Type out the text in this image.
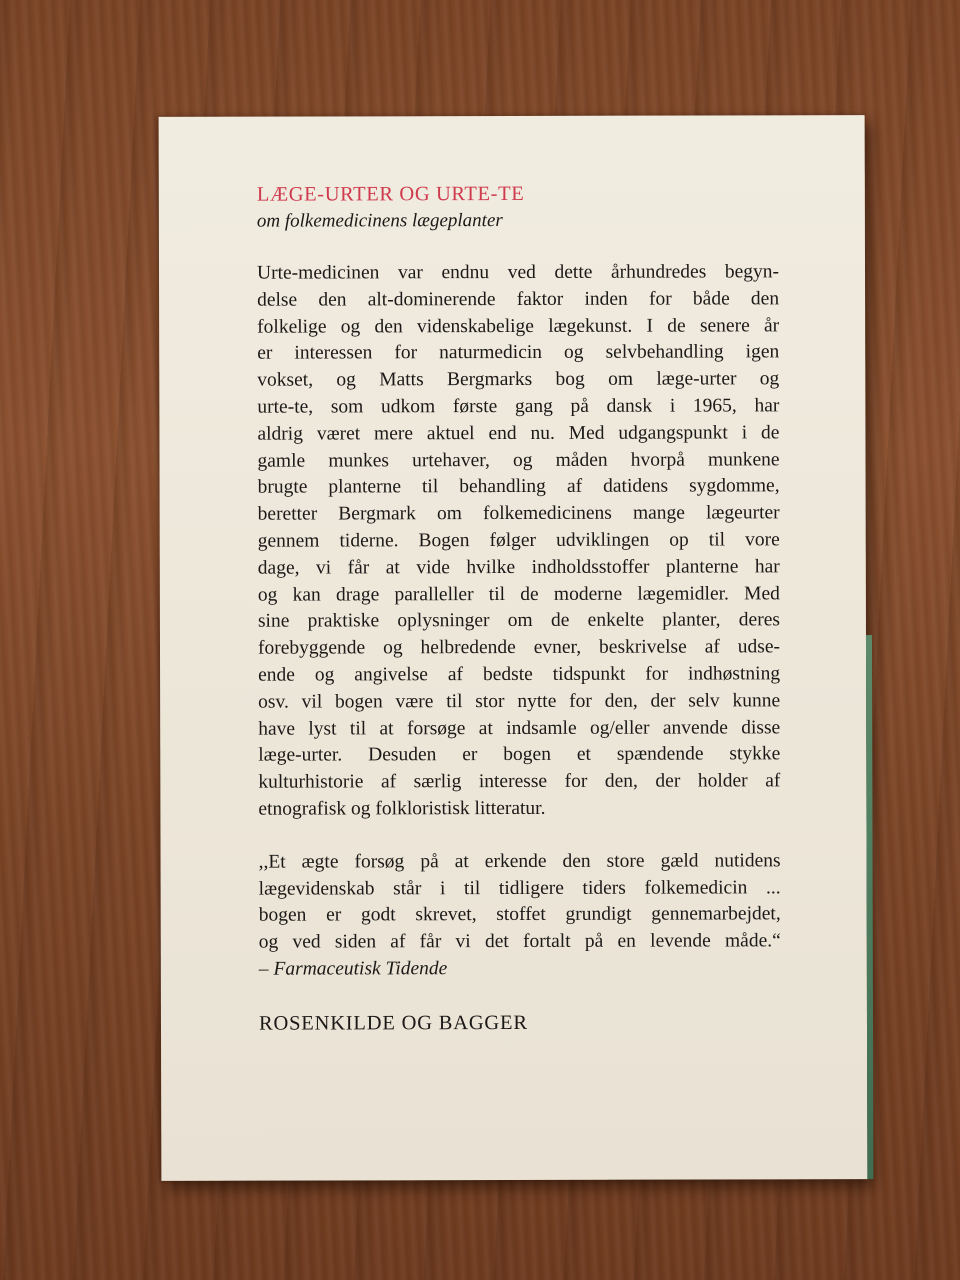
LÆGE-URTER OG URTE-TE

om folkemedicinens lægeplanter

Urte-medicinen var endnu ved dette århundredes begyn-
delse den alt-dominerende faktor inden for både den
folkelige og den videnskabelige lægekunst. I de senere år
er interessen for naturmedicin og selvbehandling igen
vokset, og Matts Bergmarks bog om læge-urter og
urte-te, som udkom første gang på dansk i 1965, har
aldrig været mere aktuel end nu. Med udgangspunkt i de
gamle munkes urtehaver, og måden hvorpå munkene
brugte planterne til behandling af datidens sygdomme,
beretter Bergmark om folkemedicinens mange lægeurter
gennem tiderne. Bogen følger udviklingen op til vore
dage, vi får at vide hvilke indholdsstoffer planterne har
og kan drage paralleller til de moderne lægemidler. Med
sine praktiske oplysninger om de enkelte planter, deres
forebyggende og helbredende evner, beskrivelse af udse-
ende og angivelse af bedste tidspunkt for indhøstning
osv. vil bogen være til stor nytte for den, der selv kunne
have lyst til at forsøge at indsamle og/eller anvende disse
læge-urter. Desuden er bogen et spændende stykke
kulturhistorie af særlig interesse for den, der holder af
etnografisk og folkloristisk litteratur.
,,Et ægte forsøg på at erkende den store gæld nutidens
lægevidenskab står i til tidligere tiders folkemedicin ...
bogen er godt skrevet, stoffet grundigt gennemarbejdet,
og ved siden af får vi det fortalt på en levende måde.“
– Farmaceutisk Tidende
ROSENKILDE OG BAGGER
